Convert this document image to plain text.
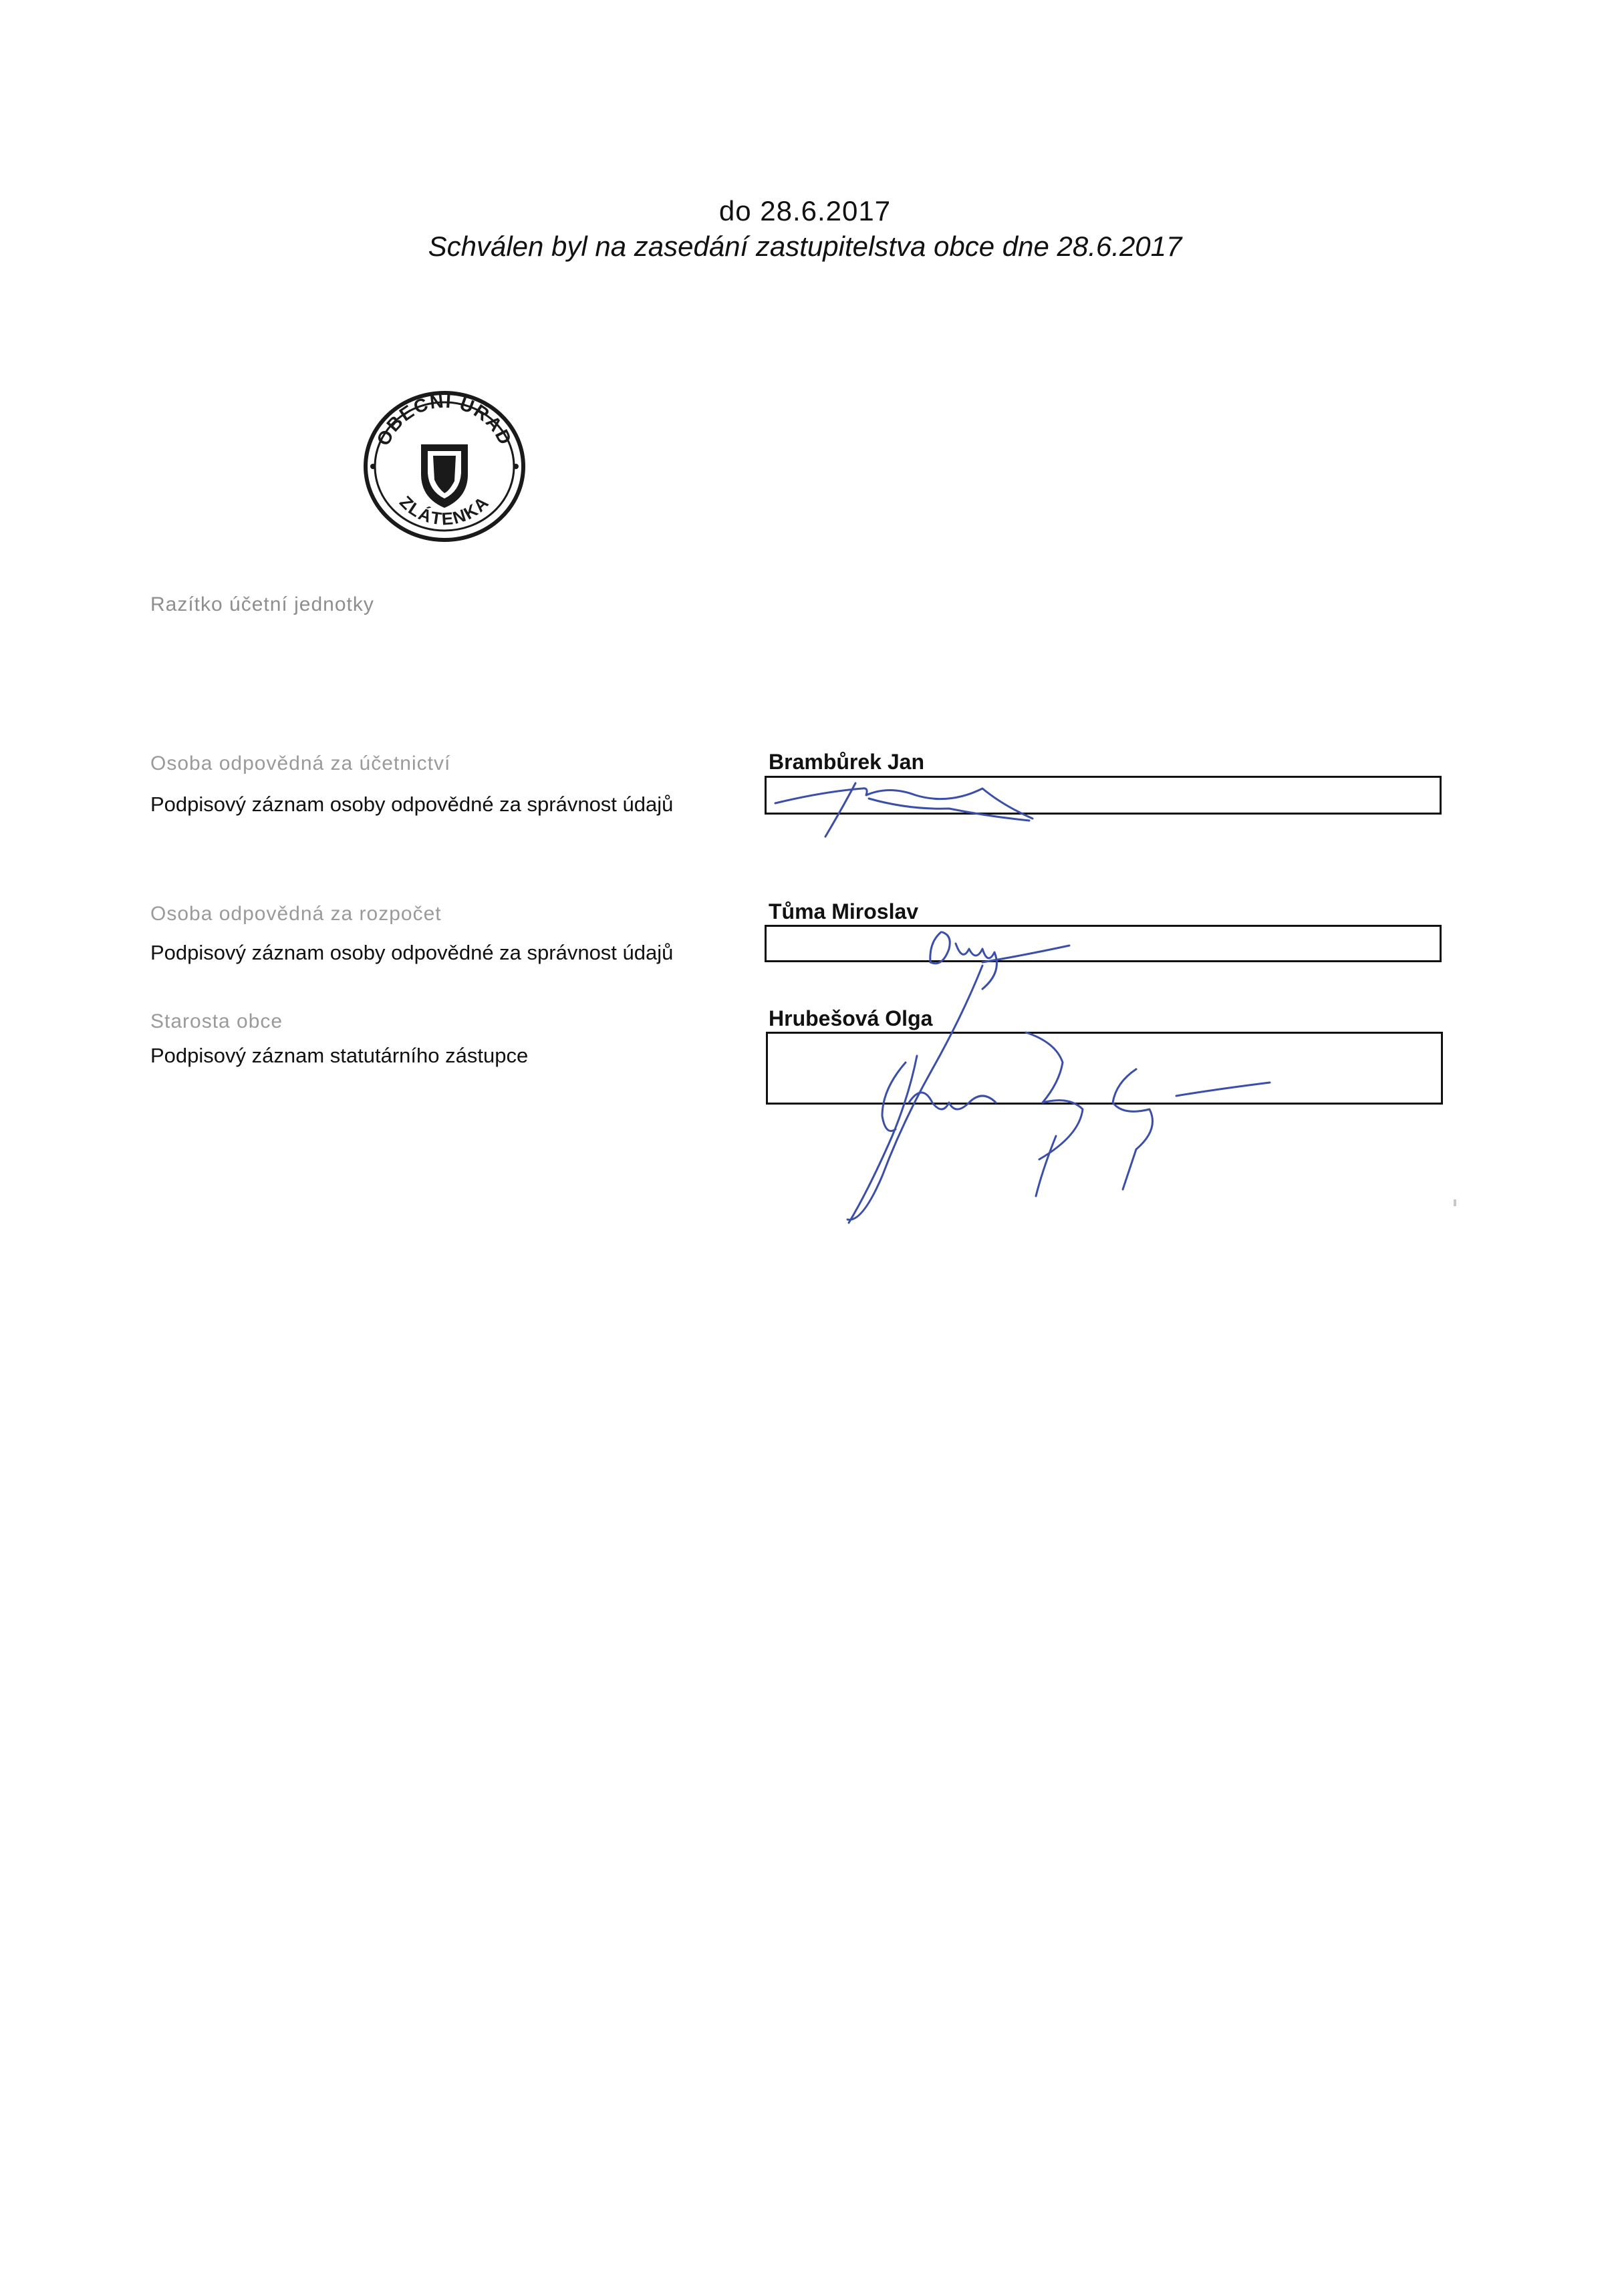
do 28.6.2017
Schválen byl na zasedání zastupitelstva obce dne 28.6.2017
OBECNÍ ÚŘAD
ZLÁTENKA
Razítko účetní jednotky
Osoba odpovědná za účetnictví
Podpisový záznam osoby odpovědné za správnost údajů
Brambůrek Jan
Osoba odpovědná za rozpočet
Podpisový záznam osoby odpovědné za správnost údajů
Tůma Miroslav
Starosta obce
Podpisový záznam statutárního zástupce
Hrubešová Olga
